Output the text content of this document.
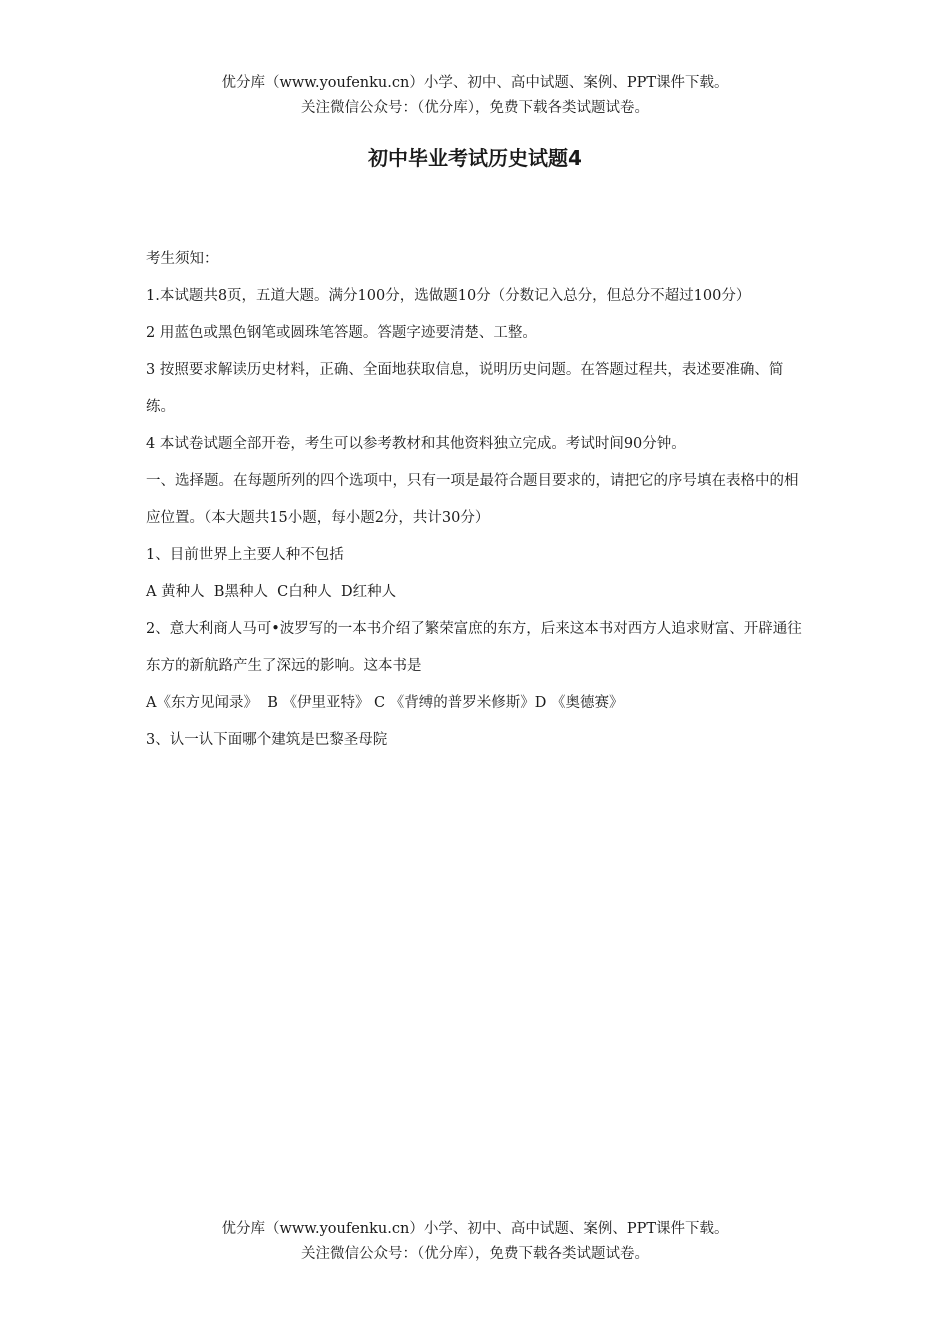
优分库（www.youfenku.cn）小学、初中、高中试题、案例、PPT课件下载。
关注微信公众号：（优分库），免费下载各类试题试卷。
初中毕业考试历史试题4

考生须知：

1.本试题共8页，五道大题。满分100分，选做题10分（分数记入总分，但总分不超过100分）

2 用蓝色或黑色钢笔或圆珠笔答题。答题字迹要清楚、工整。

3 按照要求解读历史材料，正确、全面地获取信息，说明历史问题。在答题过程共，表述要准确、简练。

4 本试卷试题全部开卷，考生可以参考教材和其他资料独立完成。考试时间90分钟。

一、选择题。在每题所列的四个选项中，只有一项是最符合题目要求的，请把它的序号填在表格中的相应位置。（本大题共15小题，每小题2分，共计30分）

1、目前世界上主要人种不包括

A 黄种人  B黑种人  C白种人  D红种人

2、意大利商人马可•波罗写的一本书介绍了繁荣富庶的东方，后来这本书对西方人追求财富、开辟通往东方的新航路产生了深远的影响。这本书是

A《东方见闻录》  B 《伊里亚特》 C 《背缚的普罗米修斯》D 《奥德赛》

3、认一认下面哪个建筑是巴黎圣母院

优分库（www.youfenku.cn）小学、初中、高中试题、案例、PPT课件下载。
关注微信公众号：（优分库），免费下载各类试题试卷。
